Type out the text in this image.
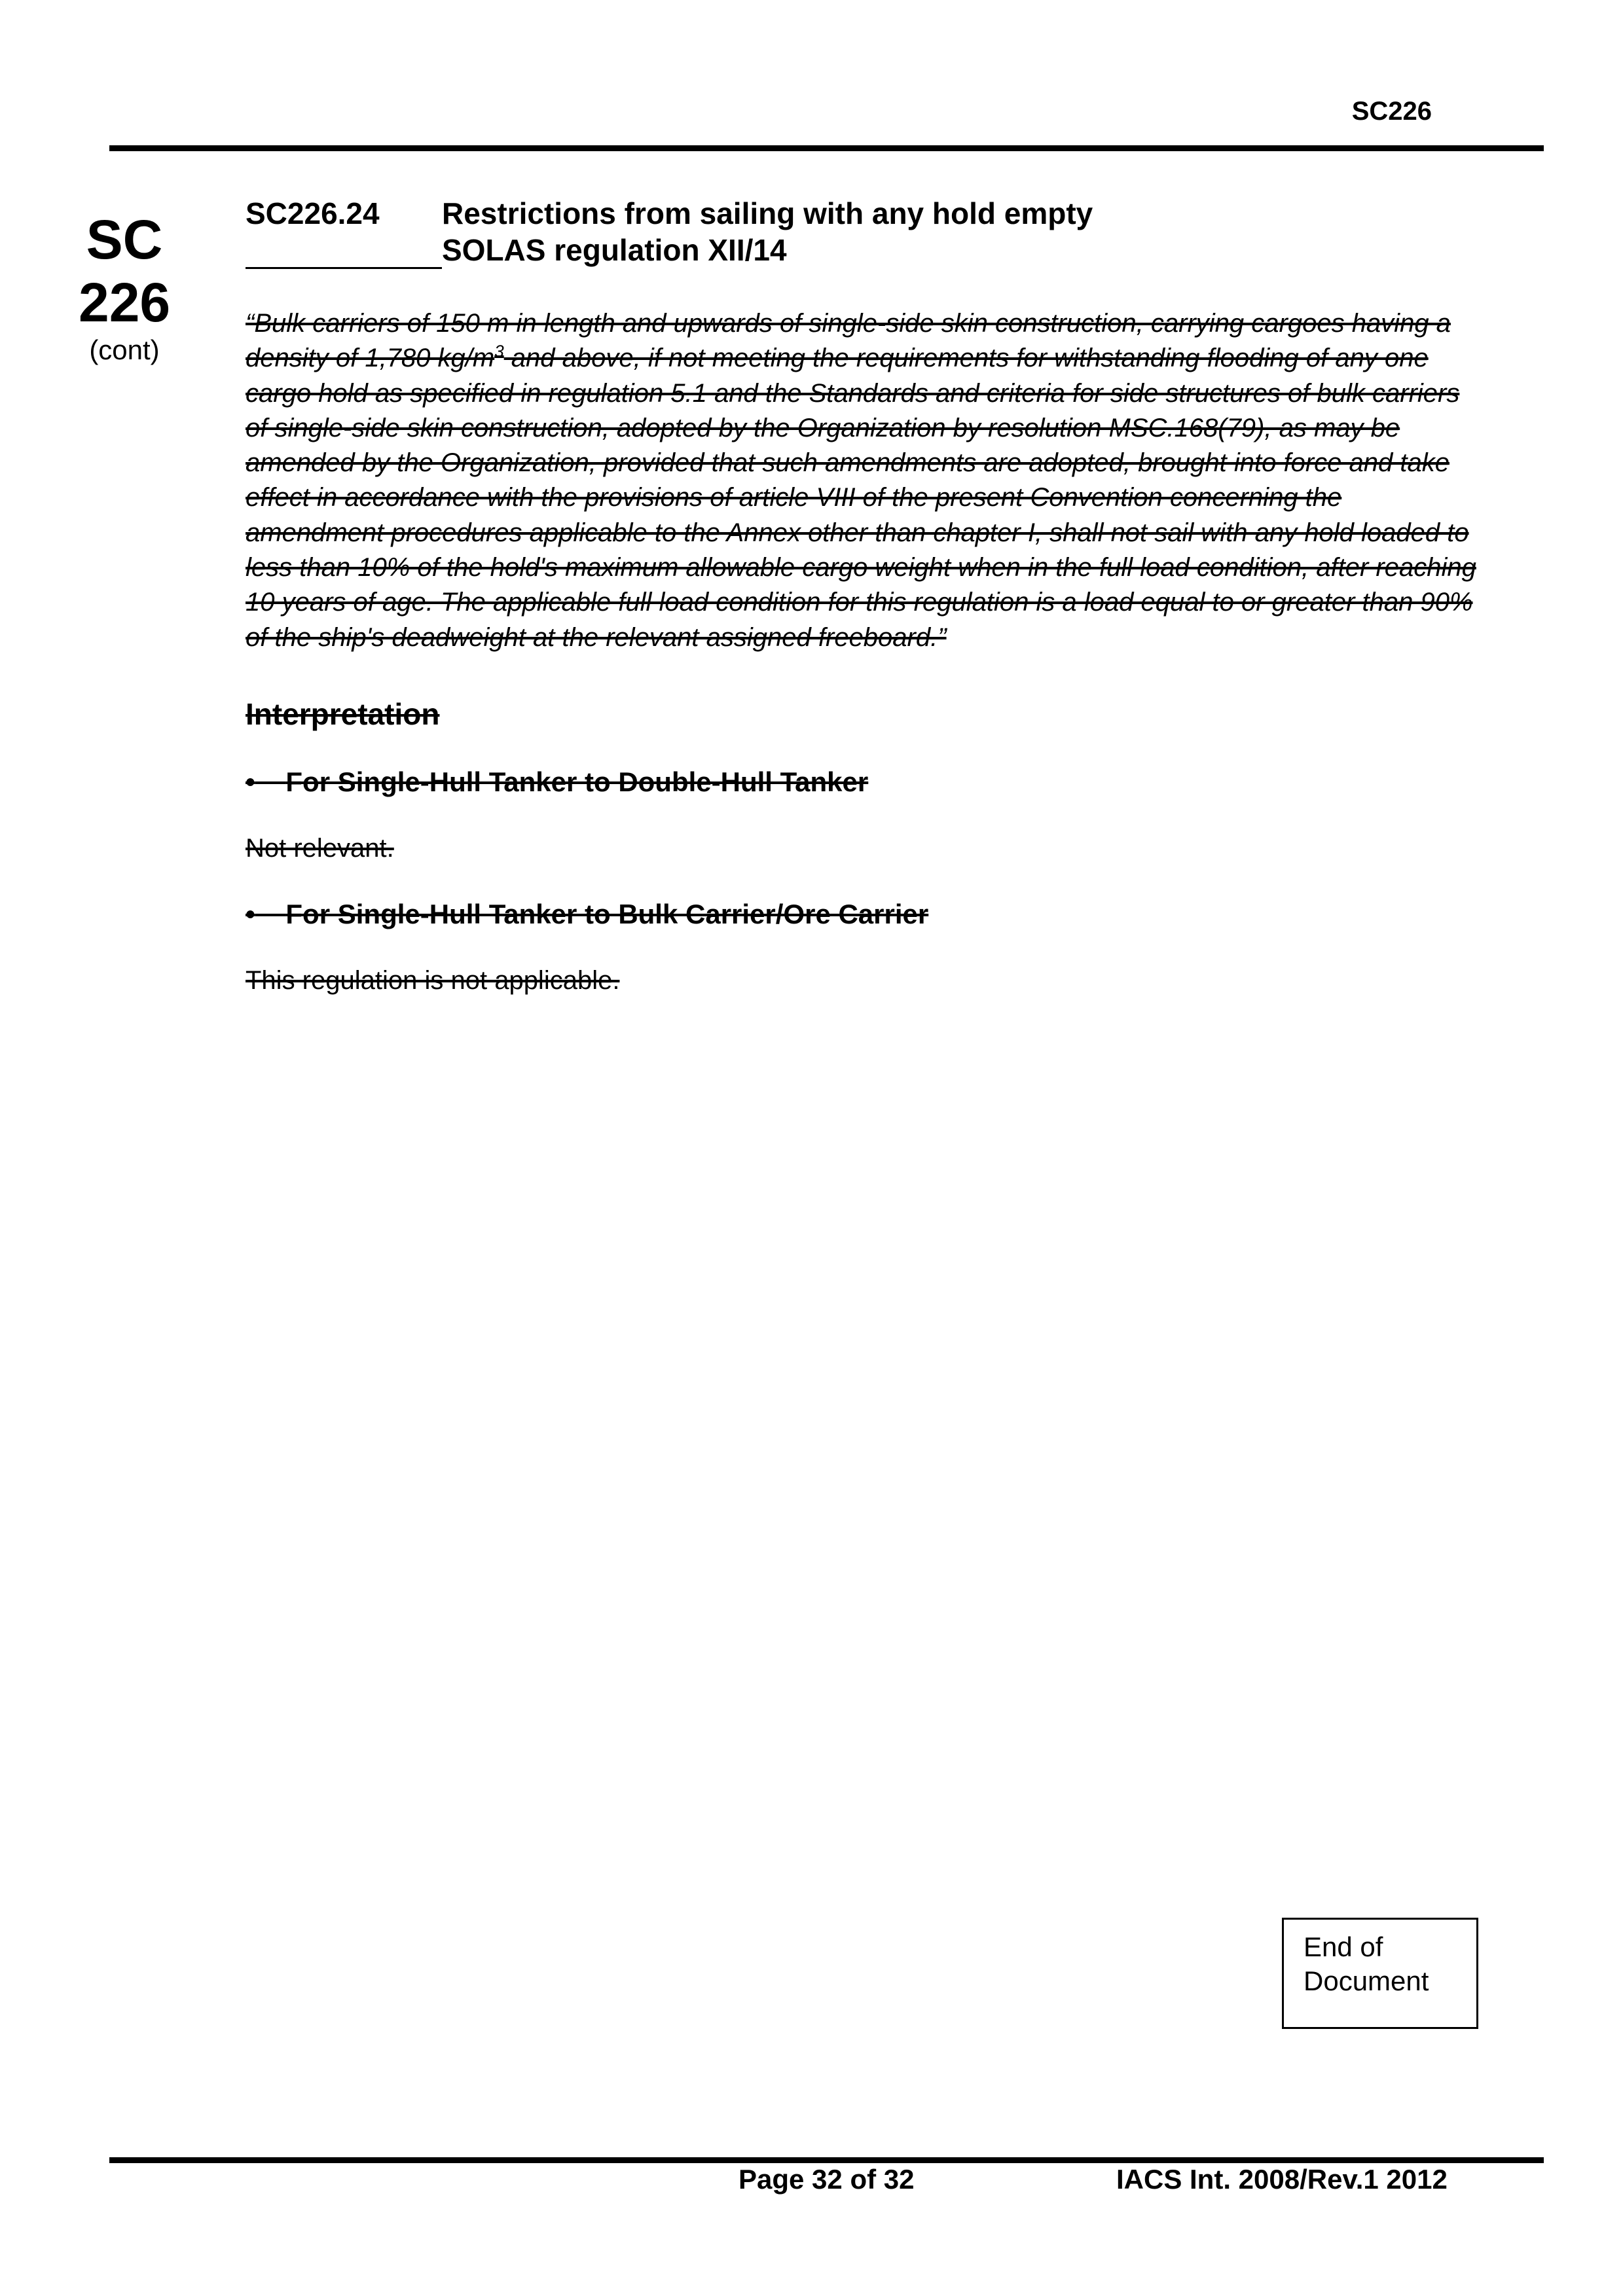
SC226
SC
226
(cont)
SC226.24 Restrictions from sailing with any hold empty
SOLAS regulation XII/14

“Bulk carriers of 150 m in length and upwards of single-side skin construction, carrying cargoes having a density of 1,780 $kg/m^3$ and above, if not meeting the requirements for withstanding flooding of any one cargo hold as specified in regulation 5.1 and the Standards and criteria for side structures of bulk carriers of single-side skin construction, adopted by the Organization by resolution MSC.168(79), as may be amended by the Organization, provided that such amendments are adopted, brought into force and take effect in accordance with the provisions of article VIII of the present Convention concerning the amendment procedures applicable to the Annex other than chapter I, shall not sail with any hold loaded to less than 10% of the hold's maximum allowable cargo weight when in the full load condition, after reaching 10 years of age. The applicable full load condition for this regulation is a load equal to or greater than 90% of the ship's deadweight at the relevant assigned freeboard.”

Interpretation
• For Single-Hull Tanker to Double-Hull Tanker
Not relevant.
• For Single-Hull Tanker to Bulk Carrier/Ore Carrier
This regulation is not applicable.
End of
Document
Page 32 of 32	IACS Int. 2008/Rev.1 2012
